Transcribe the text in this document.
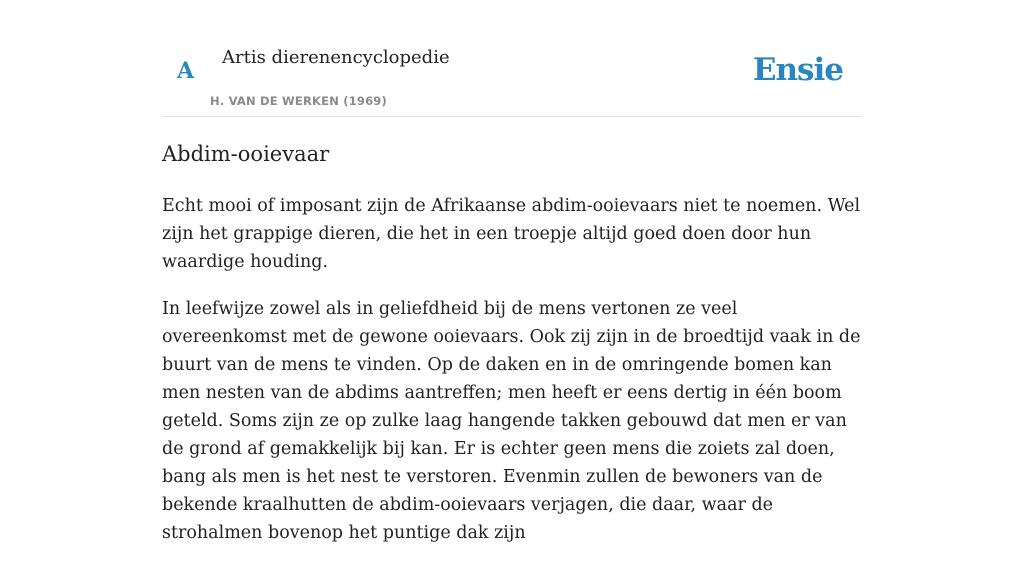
A
Artis dierenencyclopedie
H. VAN DE WERKEN (1969)
Ensie
Abdim-ooievaar

Echt mooi of imposant zijn de Afrikaanse abdim-ooievaars niet te noemen. Wel zijn het grappige dieren, die het in een troepje altijd goed doen door hun waardige houding.

In leefwijze zowel als in geliefdheid bij de mens vertonen ze veel overeenkomst met de gewone ooievaars. Ook zij zijn in de broedtijd vaak in de buurt van de mens te vinden. Op de daken en in de omringende bomen kan men nesten van de abdims aantreffen; men heeft er eens dertig in één boom geteld. Soms zijn ze op zulke laag hangende takken gebouwd dat men er van de grond af gemakkelijk bij kan. Er is echter geen mens die zoiets zal doen, bang als men is het nest te verstoren. Evenmin zullen de bewoners van de bekende kraalhutten de abdim-ooievaars verjagen, die daar, waar de strohalmen bovenop het puntige dak zijn
